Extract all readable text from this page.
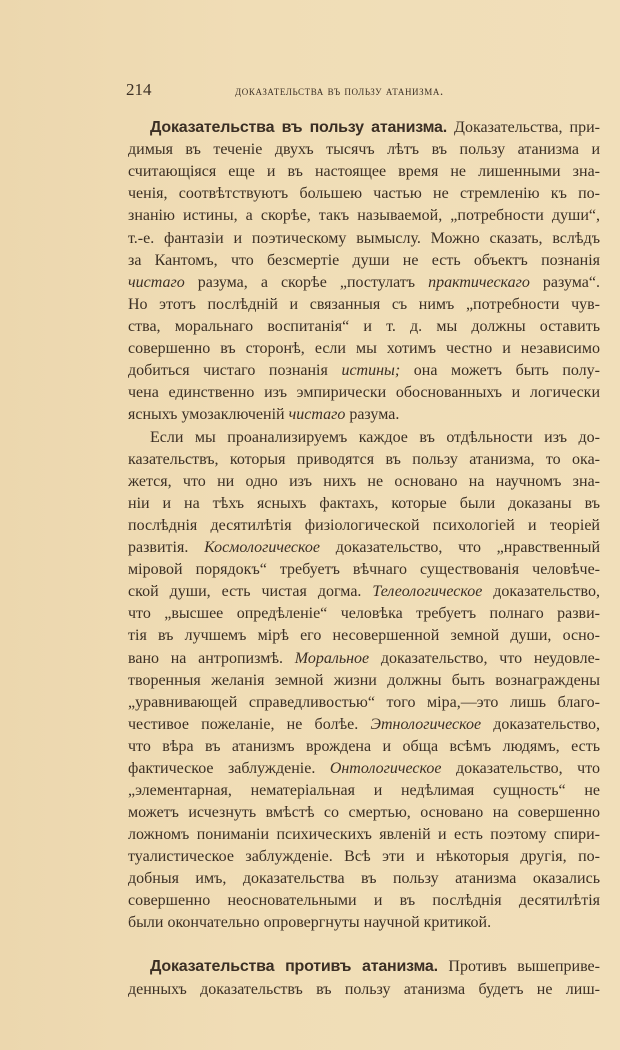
214	доказательства въ пользу атанизма.
Доказательства въ пользу атанизма. Доказательства, при-
димыя въ теченіе двухъ тысячъ лѣтъ въ пользу атанизма и
считающіяся еще и въ настоящее время не лишенными зна-
ченія, соотвѣтствуютъ большею частью не стремленію къ по-
знанію истины, а скорѣе, такъ называемой, „потребности души“,
т.-е. фантазіи и поэтическому вымыслу. Можно сказать, вслѣдъ
за Кантомъ, что безсмертіе души не есть объектъ познанія
чистаго разума, а скорѣе „постулатъ практическаго разума“.
Но этотъ послѣдній и связанныя съ нимъ „потребности чув-
ства, моральнаго воспитанія“ и т. д. мы должны оставить
совершенно въ сторонѣ, если мы хотимъ честно и независимо
добиться чистаго познанія истины; она можетъ быть полу-
чена единственно изъ эмпирически обоснованныхъ и логически
ясныхъ умозаключеній чистаго разума.
Если мы проанализируемъ каждое въ отдѣльности изъ до-
казательствъ, которыя приводятся въ пользу атанизма, то ока-
жется, что ни одно изъ нихъ не основано на научномъ зна-
ніи и на тѣхъ ясныхъ фактахъ, которые были доказаны въ
послѣднія десятилѣтія физіологической психологіей и теоріей
развитія. Космологическое доказательство, что „нравственный
міровой порядокъ“ требуетъ вѣчнаго существованія человѣче-
ской души, есть чистая догма. Телеологическое доказательство,
что „высшее опредѣленіе“ человѣка требуетъ полнаго разви-
тія въ лучшемъ мірѣ его несовершенной земной души, осно-
вано на антропизмѣ. Моральное доказательство, что неудовле-
творенныя желанія земной жизни должны быть вознаграждены
„уравнивающей справедливостью“ того міра,—это лишь благо-
честивое пожеланіе, не болѣе. Этнологическое доказательство,
что вѣра въ атанизмъ врождена и обща всѣмъ людямъ, есть
фактическое заблужденіе. Онтологическое доказательство, что
„элементарная, нематеріальная и недѣлимая сущность“ не
можетъ исчезнуть вмѣстѣ со смертью, основано на совершенно
ложномъ пониманіи психическихъ явленій и есть поэтому спири-
туалистическое заблужденіе. Всѣ эти и нѣкоторыя другія, по-
добныя имъ, доказательства въ пользу атанизма оказались
совершенно неосновательными и въ послѣднія десятилѣтія
были окончательно опровергнуты научной критикой.
Доказательства противъ атанизма. Противъ вышеприве-
денныхъ доказательствъ въ пользу атанизма будетъ не лиш-
